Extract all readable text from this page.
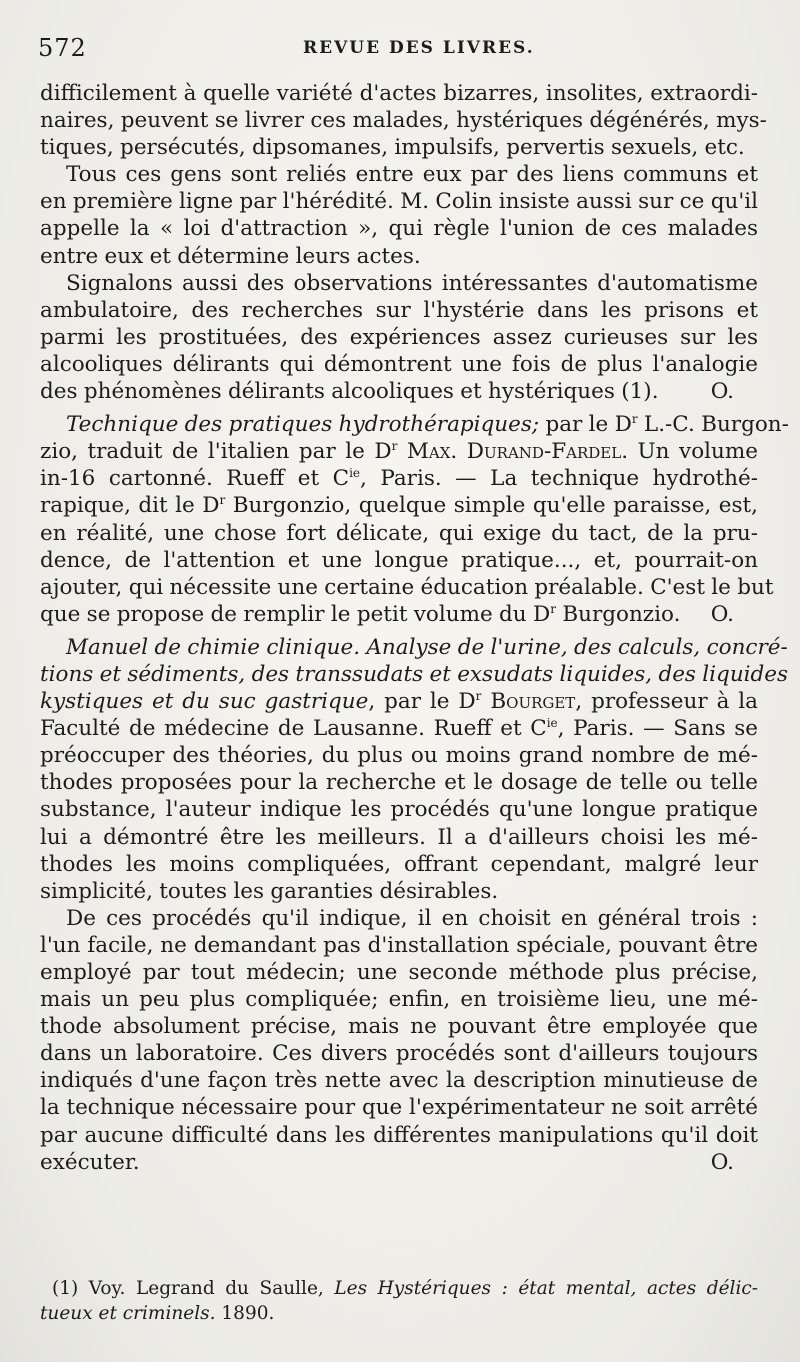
572	REVUE DES LIVRES.
difficilement à quelle variété d'actes bizarres, insolites, extraordi-
naires, peuvent se livrer ces malades, hystériques dégénérés, mys-
tiques, persécutés, dipsomanes, impulsifs, pervertis sexuels, etc.
Tous ces gens sont reliés entre eux par des liens communs et
en première ligne par l'hérédité. M. Colin insiste aussi sur ce qu'il
appelle la « loi d'attraction », qui règle l'union de ces malades
entre eux et détermine leurs actes.
Signalons aussi des observations intéressantes d'automatisme
ambulatoire, des recherches sur l'hystérie dans les prisons et
parmi les prostituées, des expériences assez curieuses sur les
alcooliques délirants qui démontrent une fois de plus l'analogie
des phénomènes délirants alcooliques et hystériques (1). O.
Technique des pratiques hydrothérapiques; par le $D^r$ L.-C. Burgon-
zio, traduit de l'italien par le $D^r$ Max. Durand-Fardel. Un volume
in-16 cartonné. Rueff et $C^{ie}$, Paris. — La technique hydrothé-
rapique, dit le $D^r$ Burgonzio, quelque simple qu'elle paraisse, est,
en réalité, une chose fort délicate, qui exige du tact, de la pru-
dence, de l'attention et une longue pratique..., et, pourrait-on
ajouter, qui nécessite une certaine éducation préalable. C'est le but
que se propose de remplir le petit volume du $D^r$ Burgonzio. O.
Manuel de chimie clinique. Analyse de l'urine, des calculs, concré-
tions et sédiments, des transsudats et exsudats liquides, des liquides
kystiques et du suc gastrique, par le $D^r$ Bourget, professeur à la
Faculté de médecine de Lausanne. Rueff et $C^{ie}$, Paris. — Sans se
préoccuper des théories, du plus ou moins grand nombre de mé-
thodes proposées pour la recherche et le dosage de telle ou telle
substance, l'auteur indique les procédés qu'une longue pratique
lui a démontré être les meilleurs. Il a d'ailleurs choisi les mé-
thodes les moins compliquées, offrant cependant, malgré leur
simplicité, toutes les garanties désirables.
De ces procédés qu'il indique, il en choisit en général trois :
l'un facile, ne demandant pas d'installation spéciale, pouvant être
employé par tout médecin; une seconde méthode plus précise,
mais un peu plus compliquée; enfin, en troisième lieu, une mé-
thode absolument précise, mais ne pouvant être employée que
dans un laboratoire. Ces divers procédés sont d'ailleurs toujours
indiqués d'une façon très nette avec la description minutieuse de
la technique nécessaire pour que l'expérimentateur ne soit arrêté
par aucune difficulté dans les différentes manipulations qu'il doit
exécuter.	O.
(1) Voy. Legrand du Saulle, Les Hystériques : état mental, actes délic-
tueux et criminels. 1890.
